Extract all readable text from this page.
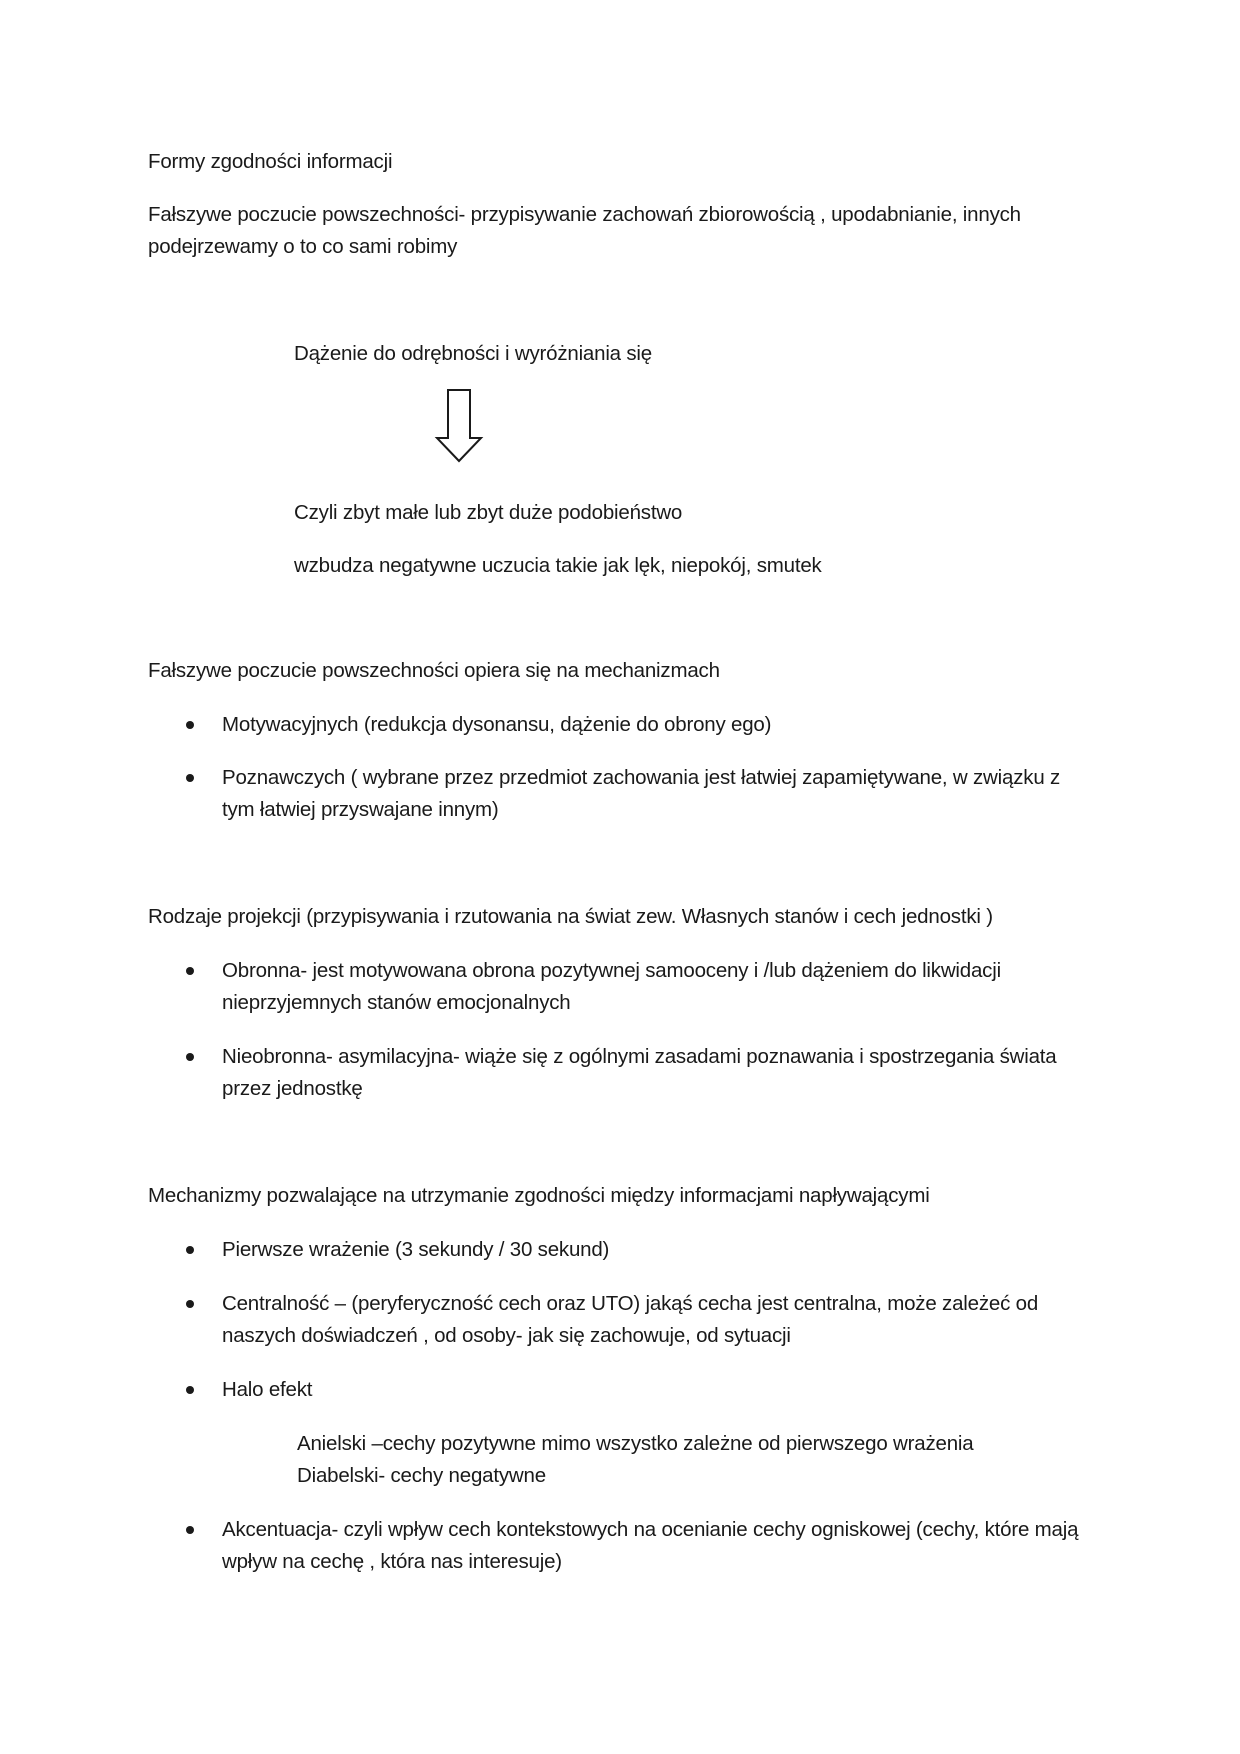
Formy zgodności informacji
Fałszywe poczucie powszechności- przypisywanie zachowań zbiorowością , upodabnianie, innych podejrzewamy o to co sami robimy
Dążenie do odrębności i wyróżniania się
Czyli zbyt małe lub zbyt duże podobieństwo
wzbudza negatywne uczucia takie jak lęk, niepokój, smutek
Fałszywe poczucie powszechności opiera się na mechanizmach
Motywacyjnych (redukcja dysonansu, dążenie do obrony ego)
Poznawczych ( wybrane przez przedmiot zachowania jest łatwiej zapamiętywane, w związku z tym łatwiej przyswajane innym)
Rodzaje projekcji (przypisywania i rzutowania na świat zew. Własnych stanów i cech jednostki )
Obronna- jest motywowana obrona pozytywnej samooceny i /lub dążeniem do likwidacji nieprzyjemnych stanów emocjonalnych
Nieobronna- asymilacyjna- wiąże się z ogólnymi zasadami poznawania i spostrzegania świata przez jednostkę
Mechanizmy pozwalające na utrzymanie zgodności między informacjami napływającymi
Pierwsze wrażenie (3 sekundy / 30 sekund)
Centralność – (peryferyczność cech oraz UTO) jakąś cecha jest centralna, może zależeć od naszych doświadczeń , od osoby- jak się zachowuje, od sytuacji
Halo efekt
Anielski –cechy pozytywne mimo wszystko zależne od pierwszego wrażenia
Diabelski- cechy negatywne
Akcentuacja- czyli wpływ cech kontekstowych na ocenianie cechy ogniskowej (cechy, które mają wpływ na cechę , która nas interesuje)
